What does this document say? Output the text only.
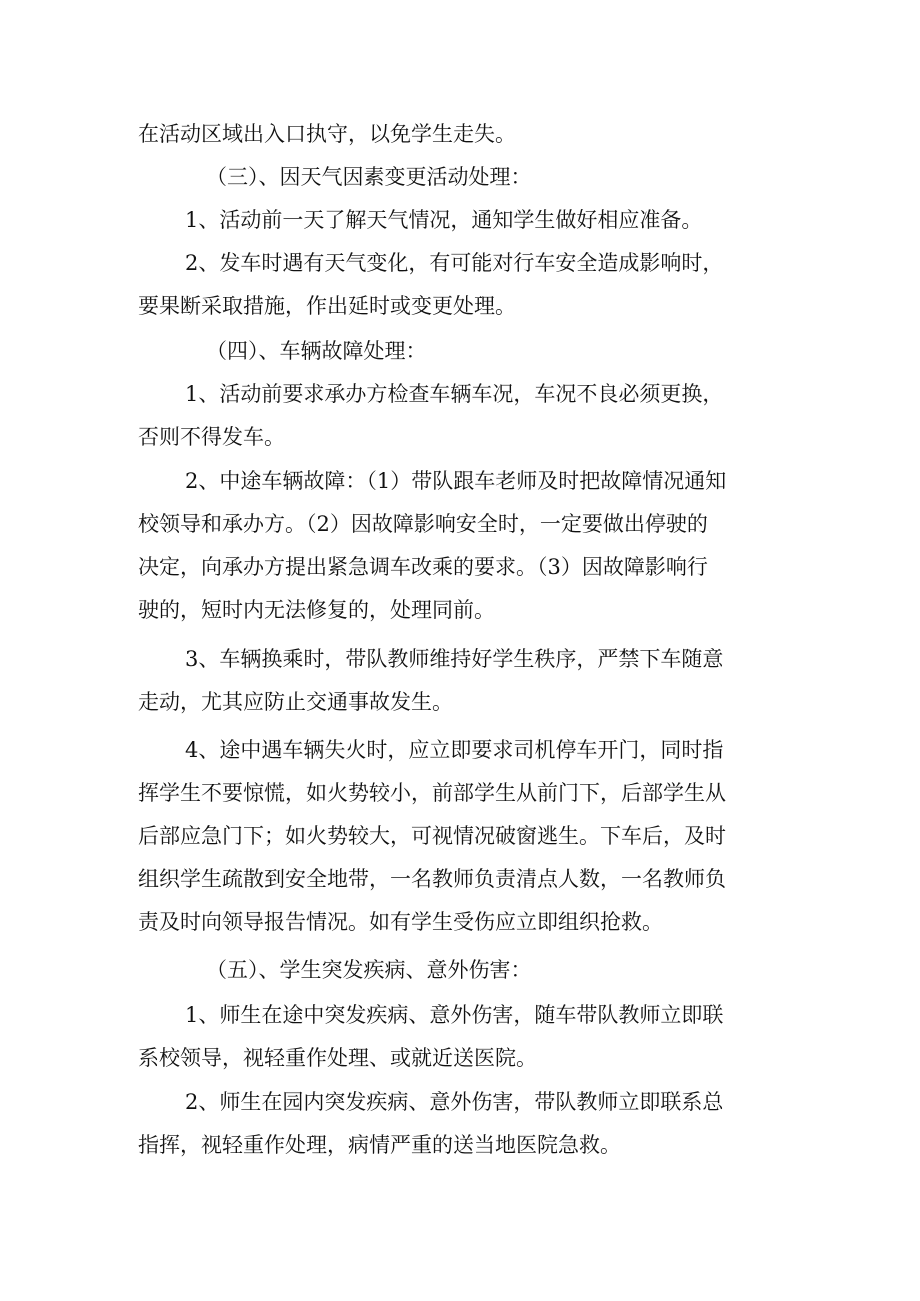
在活动区域出入口执守，以免学生走失。

（三）、因天气因素变更活动处理：

1、活动前一天了解天气情况，通知学生做好相应准备。

2、发车时遇有天气变化，有可能对行车安全造成影响时，
要果断采取措施，作出延时或变更处理。

（四）、车辆故障处理：

1、活动前要求承办方检查车辆车况，车况不良必须更换，
否则不得发车。

2、中途车辆故障：（1）带队跟车老师及时把故障情况通知
校领导和承办方。（2）因故障影响安全时，一定要做出停驶的
决定，向承办方提出紧急调车改乘的要求。（3）因故障影响行
驶的，短时内无法修复的，处理同前。

3、车辆换乘时，带队教师维持好学生秩序，严禁下车随意
走动，尤其应防止交通事故发生。

4、途中遇车辆失火时，应立即要求司机停车开门，同时指
挥学生不要惊慌，如火势较小，前部学生从前门下，后部学生从
后部应急门下；如火势较大，可视情况破窗逃生。下车后，及时
组织学生疏散到安全地带，一名教师负责清点人数，一名教师负
责及时向领导报告情况。如有学生受伤应立即组织抢救。

（五）、学生突发疾病、意外伤害：

1、师生在途中突发疾病、意外伤害，随车带队教师立即联
系校领导，视轻重作处理、或就近送医院。

2、师生在园内突发疾病、意外伤害，带队教师立即联系总
指挥，视轻重作处理，病情严重的送当地医院急救。
